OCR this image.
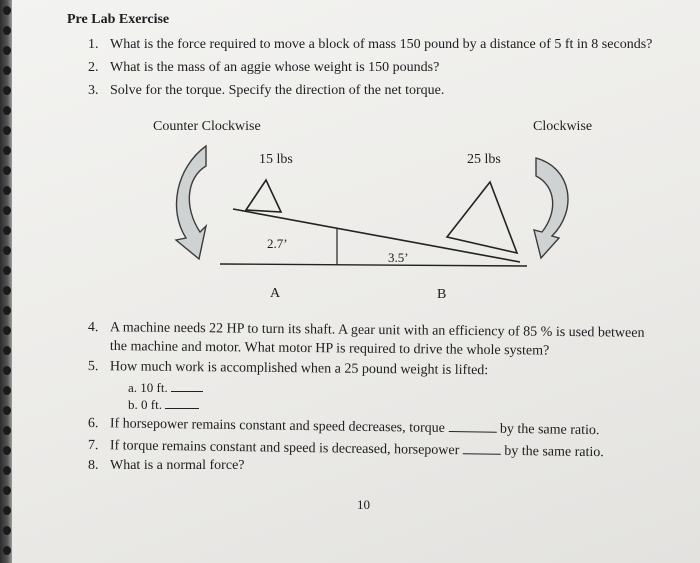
Pre Lab Exercise
1. What is the force required to move a block of mass 150 pound by a distance of 5 ft in 8 seconds?
2. What is the mass of an aggie whose weight is 150 pounds?
3. Solve for the torque. Specify the direction of the net torque.
Counter Clockwise	Clockwise
15 lbs	25 lbs
2.7’
3.5’
A	B
4. A machine needs 22 HP to turn its shaft. A gear unit with an efficiency of 85 % is used between
the machine and motor. What motor HP is required to drive the whole system?
5. How much work is accomplished when a 25 pound weight is lifted:
a. 10 ft.
b. 0 ft.
6. If horsepower remains constant and speed decreases, torque	by the same ratio.
7. If torque remains constant and speed is decreased, horsepower	by the same ratio.
8. What is a normal force?
10
